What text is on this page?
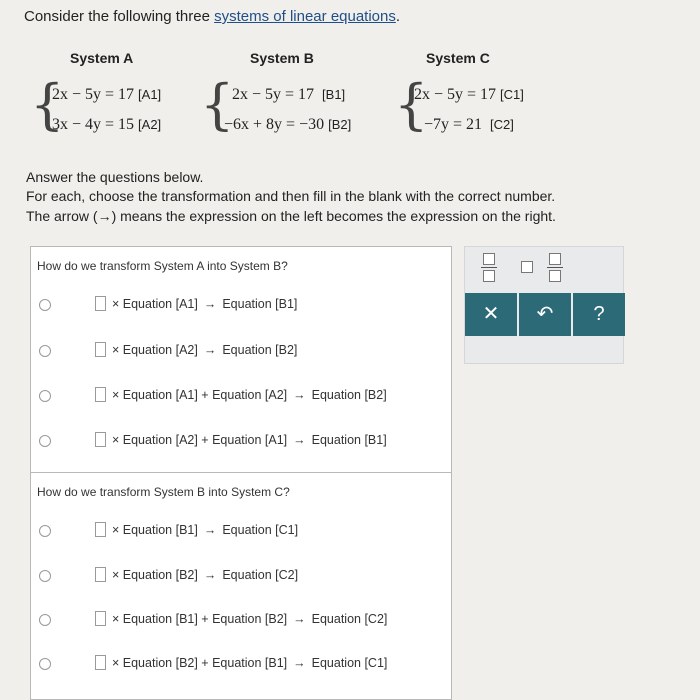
Consider the following three systems of linear equations.
System A
{
2x − 5y = 17 [A1]
3x − 4y = 15 [A2]
System B
{
2x − 5y = 17 [B1]
−6x + 8y = −30 [B2]
System C
{
2x − 5y = 17 [C1]
−7y = 21 [C2]
Answer the questions below.
For each, choose the transformation and then fill in the blank with the correct number.
The arrow (→) means the expression on the left becomes the expression on the right.
How do we transform System A into System B?
× Equation [A1] → Equation [B1]
× Equation [A2] → Equation [B2]
× Equation [A1] + Equation [A2] → Equation [B2]
× Equation [A2] + Equation [A1] → Equation [B1]
How do we transform System B into System C?
× Equation [B1] → Equation [C1]
× Equation [B2] → Equation [C2]
× Equation [B1] + Equation [B2] → Equation [C2]
× Equation [B2] + Equation [B1] → Equation [C1]
✕	↶	?
